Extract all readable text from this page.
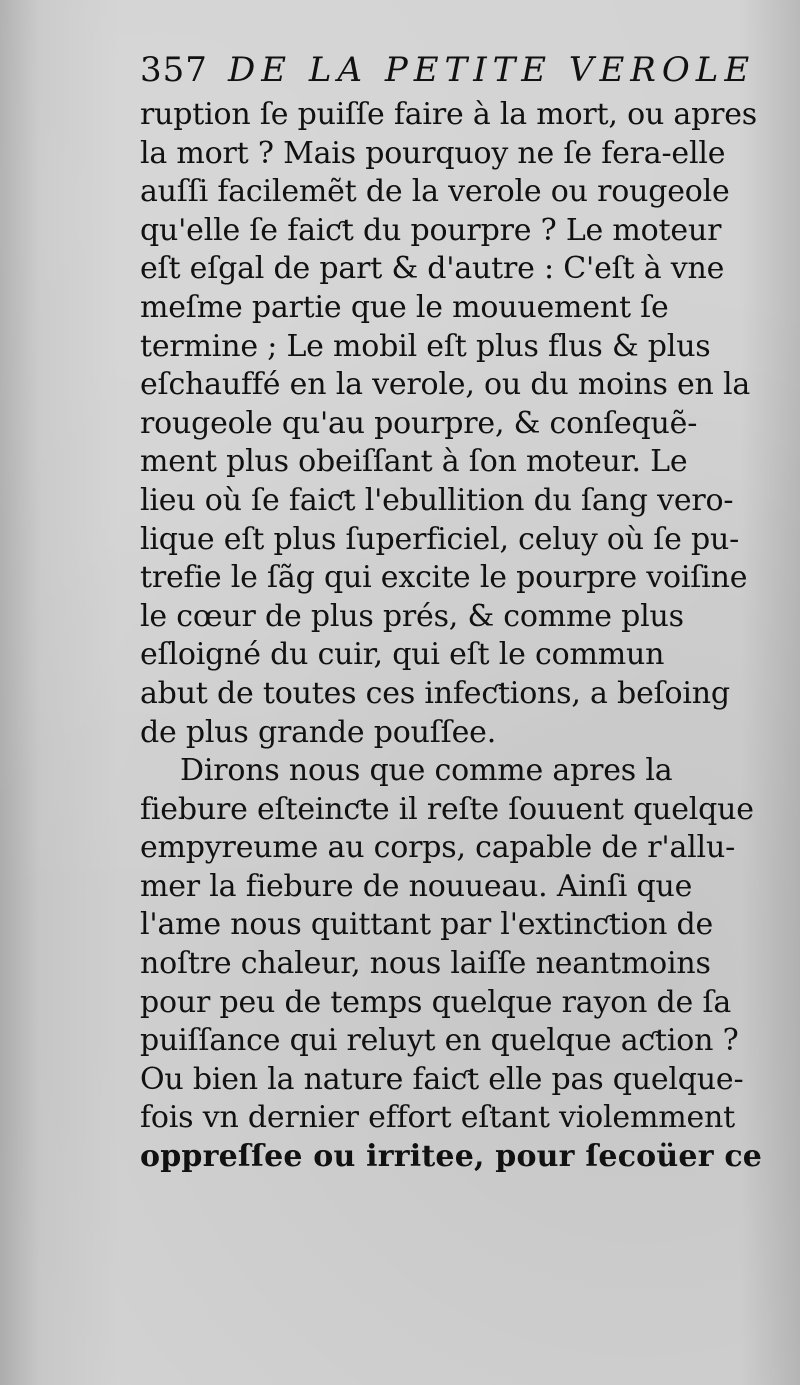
357 DE LA PETITE VEROLE
ruption ſe puiſſe faire à la mort, ou apres
la mort ? Mais pourquoy ne ſe fera-elle
auſſi facilemẽt de la verole ou rougeole
qu'elle ſe faiƈt du pourpre ? Le moteur
eſt eſgal de part & d'autre : C'eſt à vne
meſme partie que le mouuement ſe
termine ; Le mobil eſt plus flus & plus
eſchauffé en la verole, ou du moins en la
rougeole qu'au pourpre, & conſequẽ-
ment plus obeiſſant à ſon moteur. Le
lieu où ſe faiƈt l'ebullition du ſang vero-
lique eſt plus ſuperficiel, celuy où ſe pu-
trefie le ſãg qui excite le pourpre voiſine
le cœur de plus prés, & comme plus
eſloigné du cuir, qui eſt le commun
abut de toutes ces infeƈtions, a beſoing
de plus grande pouſſee.
Dirons nous que comme apres la
fiebure eſteinƈte il reſte ſouuent quelque
empyreume au corps, capable de r'allu-
mer la fiebure de nouueau. Ainſi que
l'ame nous quittant par l'extinƈtion de
noſtre chaleur, nous laiſſe neantmoins
pour peu de temps quelque rayon de ſa
puiſſance qui reluyt en quelque aƈtion ?
Ou bien la nature faiƈt elle pas quelque-
fois vn dernier effort eſtant violemment
oppreſſee ou irritee, pour ſecoüer ce
